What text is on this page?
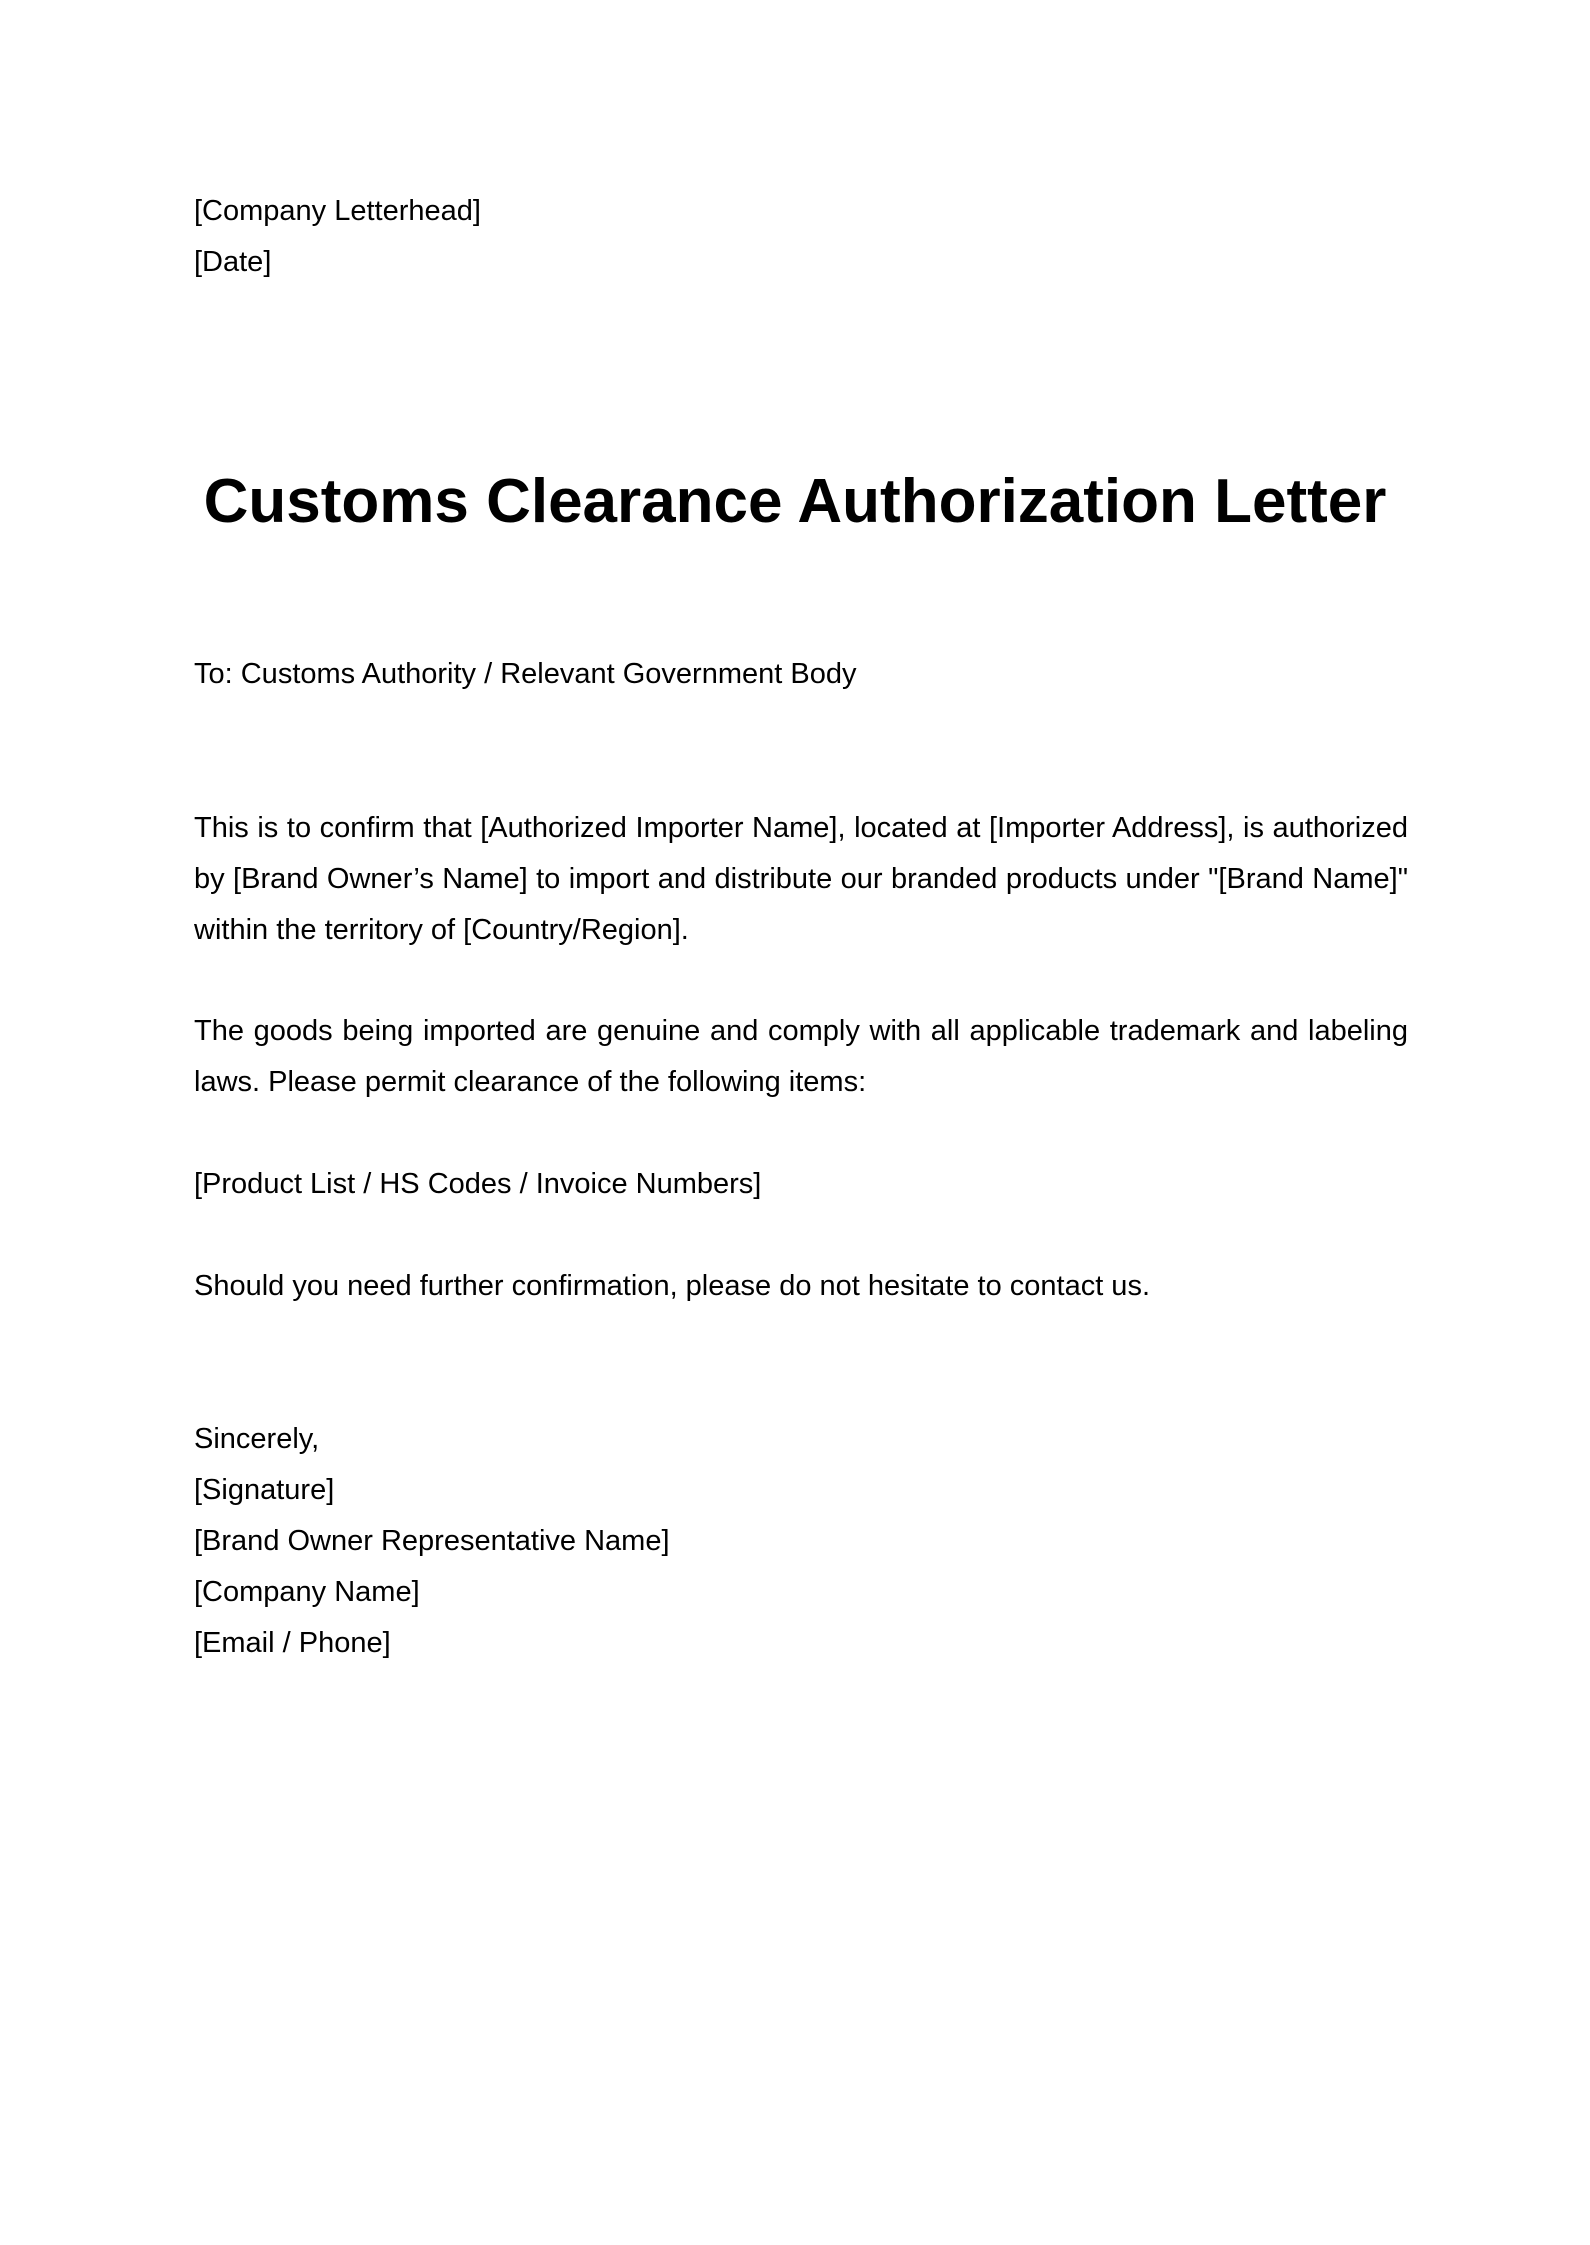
[Company Letterhead]
[Date]
Customs Clearance Authorization Letter
To: Customs Authority / Relevant Government Body

This is to confirm that [Authorized Importer Name], located at [Importer Address], is authorized by [Brand Owner’s Name] to import and distribute our branded products under "[Brand Name]" within the territory of [Country/Region].

The goods being imported are genuine and comply with all applicable trademark and labeling laws. Please permit clearance of the following items:

[Product List / HS Codes / Invoice Numbers]

Should you need further confirmation, please do not hesitate to contact us.

Sincerely,
[Signature]
[Brand Owner Representative Name]
[Company Name]
[Email / Phone]
